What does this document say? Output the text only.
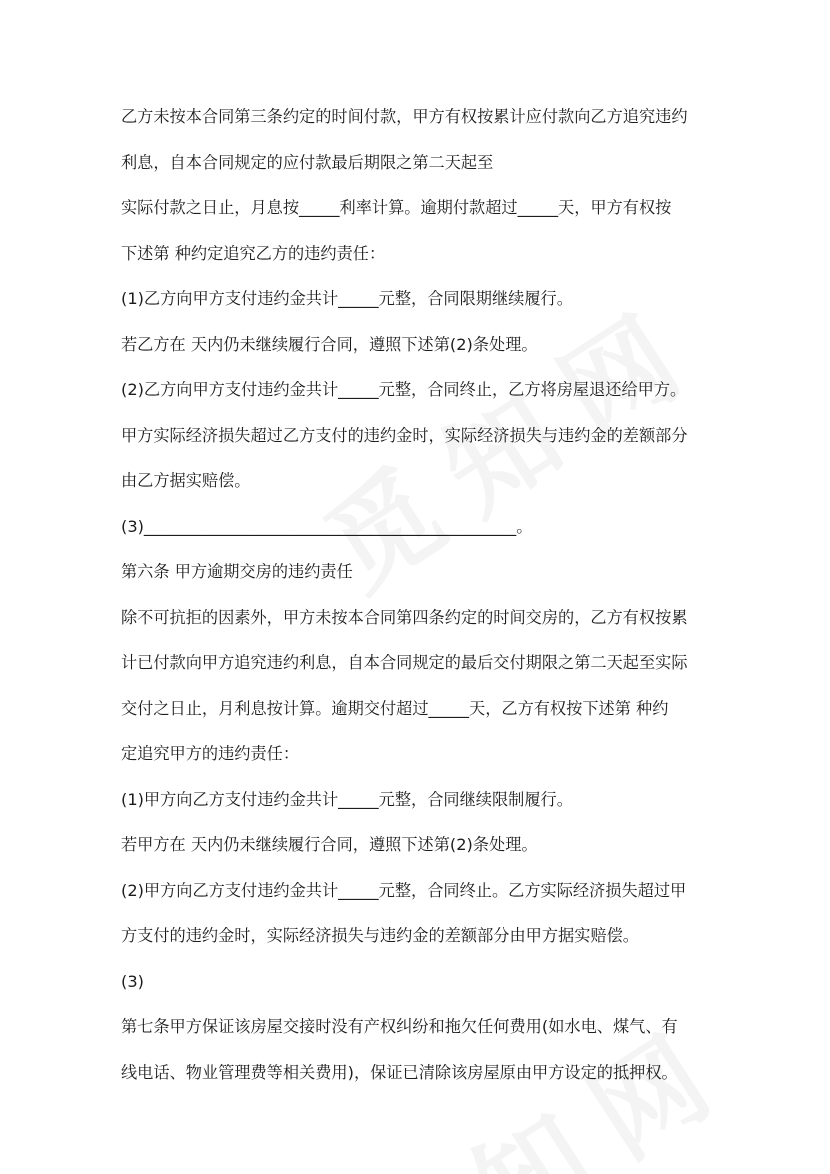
乙方未按本合同第三条约定的时间付款，甲方有权按累计应付款向乙方追究违约
利息，自本合同规定的应付款最后期限之第二天起至
实际付款之日止，月息按_____利率计算。逾期付款超过_____天，甲方有权按
下述第 种约定追究乙方的违约责任：
(1)乙方向甲方支付违约金共计_____元整，合同限期继续履行。
若乙方在 天内仍未继续履行合同，遵照下述第(2)条处理。
(2)乙方向甲方支付违约金共计_____元整，合同终止，乙方将房屋退还给甲方。
甲方实际经济损失超过乙方支付的违约金时，实际经济损失与违约金的差额部分
由乙方据实赔偿。
(3)______________________________________________。
第六条 甲方逾期交房的违约责任
除不可抗拒的因素外，甲方未按本合同第四条约定的时间交房的，乙方有权按累
计已付款向甲方追究违约利息，自本合同规定的最后交付期限之第二天起至实际
交付之日止，月利息按计算。逾期交付超过_____天，乙方有权按下述第 种约
定追究甲方的违约责任：
(1)甲方向乙方支付违约金共计_____元整，合同继续限制履行。
若甲方在 天内仍未继续履行合同，遵照下述第(2)条处理。
(2)甲方向乙方支付违约金共计_____元整，合同终止。乙方实际经济损失超过甲
方支付的违约金时，实际经济损失与违约金的差额部分由甲方据实赔偿。
(3)
第七条甲方保证该房屋交接时没有产权纠纷和拖欠任何费用(如水电、煤气、有
线电话、物业管理费等相关费用)，保证已清除该房屋原由甲方设定的抵押权。
